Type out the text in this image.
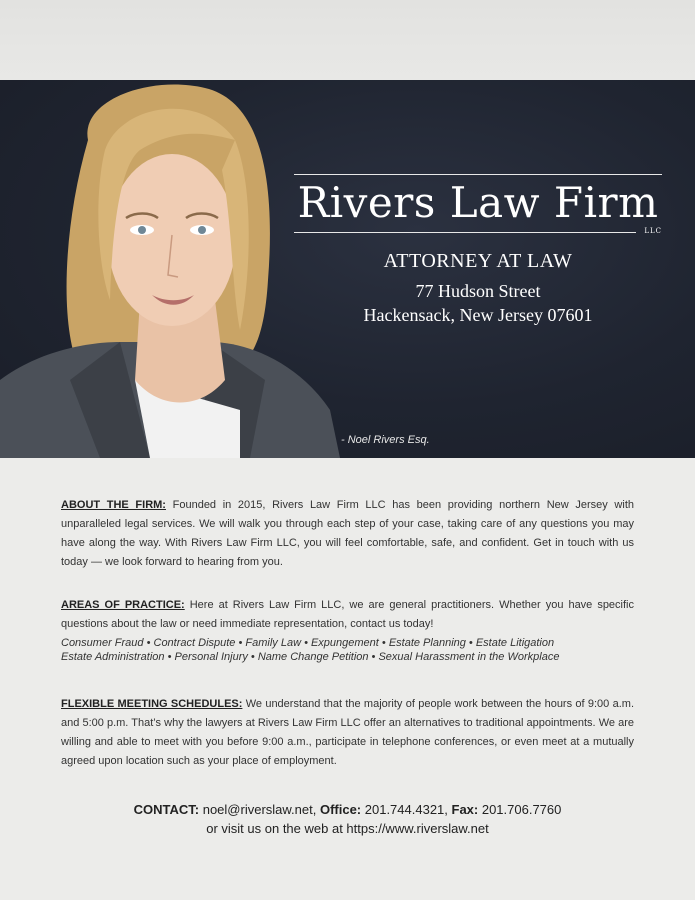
Rivers Law Firm
LLC
ATTORNEY AT LAW
77 Hudson Street
Hackensack, New Jersey 07601
- Noel Rivers Esq.

ABOUT THE FIRM: Founded in 2015, Rivers Law Firm LLC has been providing northern New Jersey with unparalleled legal services. We will walk you through each step of your case, taking care of any questions you may have along the way. With Rivers Law Firm LLC, you will feel comfortable, safe, and confident. Get in touch with us today — we look forward to hearing from you.

AREAS OF PRACTICE: Here at Rivers Law Firm LLC, we are general practitioners. Whether you have specific questions about the law or need immediate representation, contact us today!

Consumer Fraud • Contract Dispute • Family Law • Expungement • Estate Planning • Estate Litigation
Estate Administration • Personal Injury • Name Change Petition • Sexual Harassment in the Workplace

FLEXIBLE MEETING SCHEDULES: We understand that the majority of people work between the hours of 9:00 a.m. and 5:00 p.m. That’s why the lawyers at Rivers Law Firm LLC offer an alternatives to traditional appointments. We are willing and able to meet with you before 9:00 a.m., participate in telephone conferences, or even meet at a mutually agreed upon location such as your place of employment.

CONTACT: noel@riverslaw.net, Office: 201.744.4321, Fax: 201.706.7760
or visit us on the web at https://www.riverslaw.net
